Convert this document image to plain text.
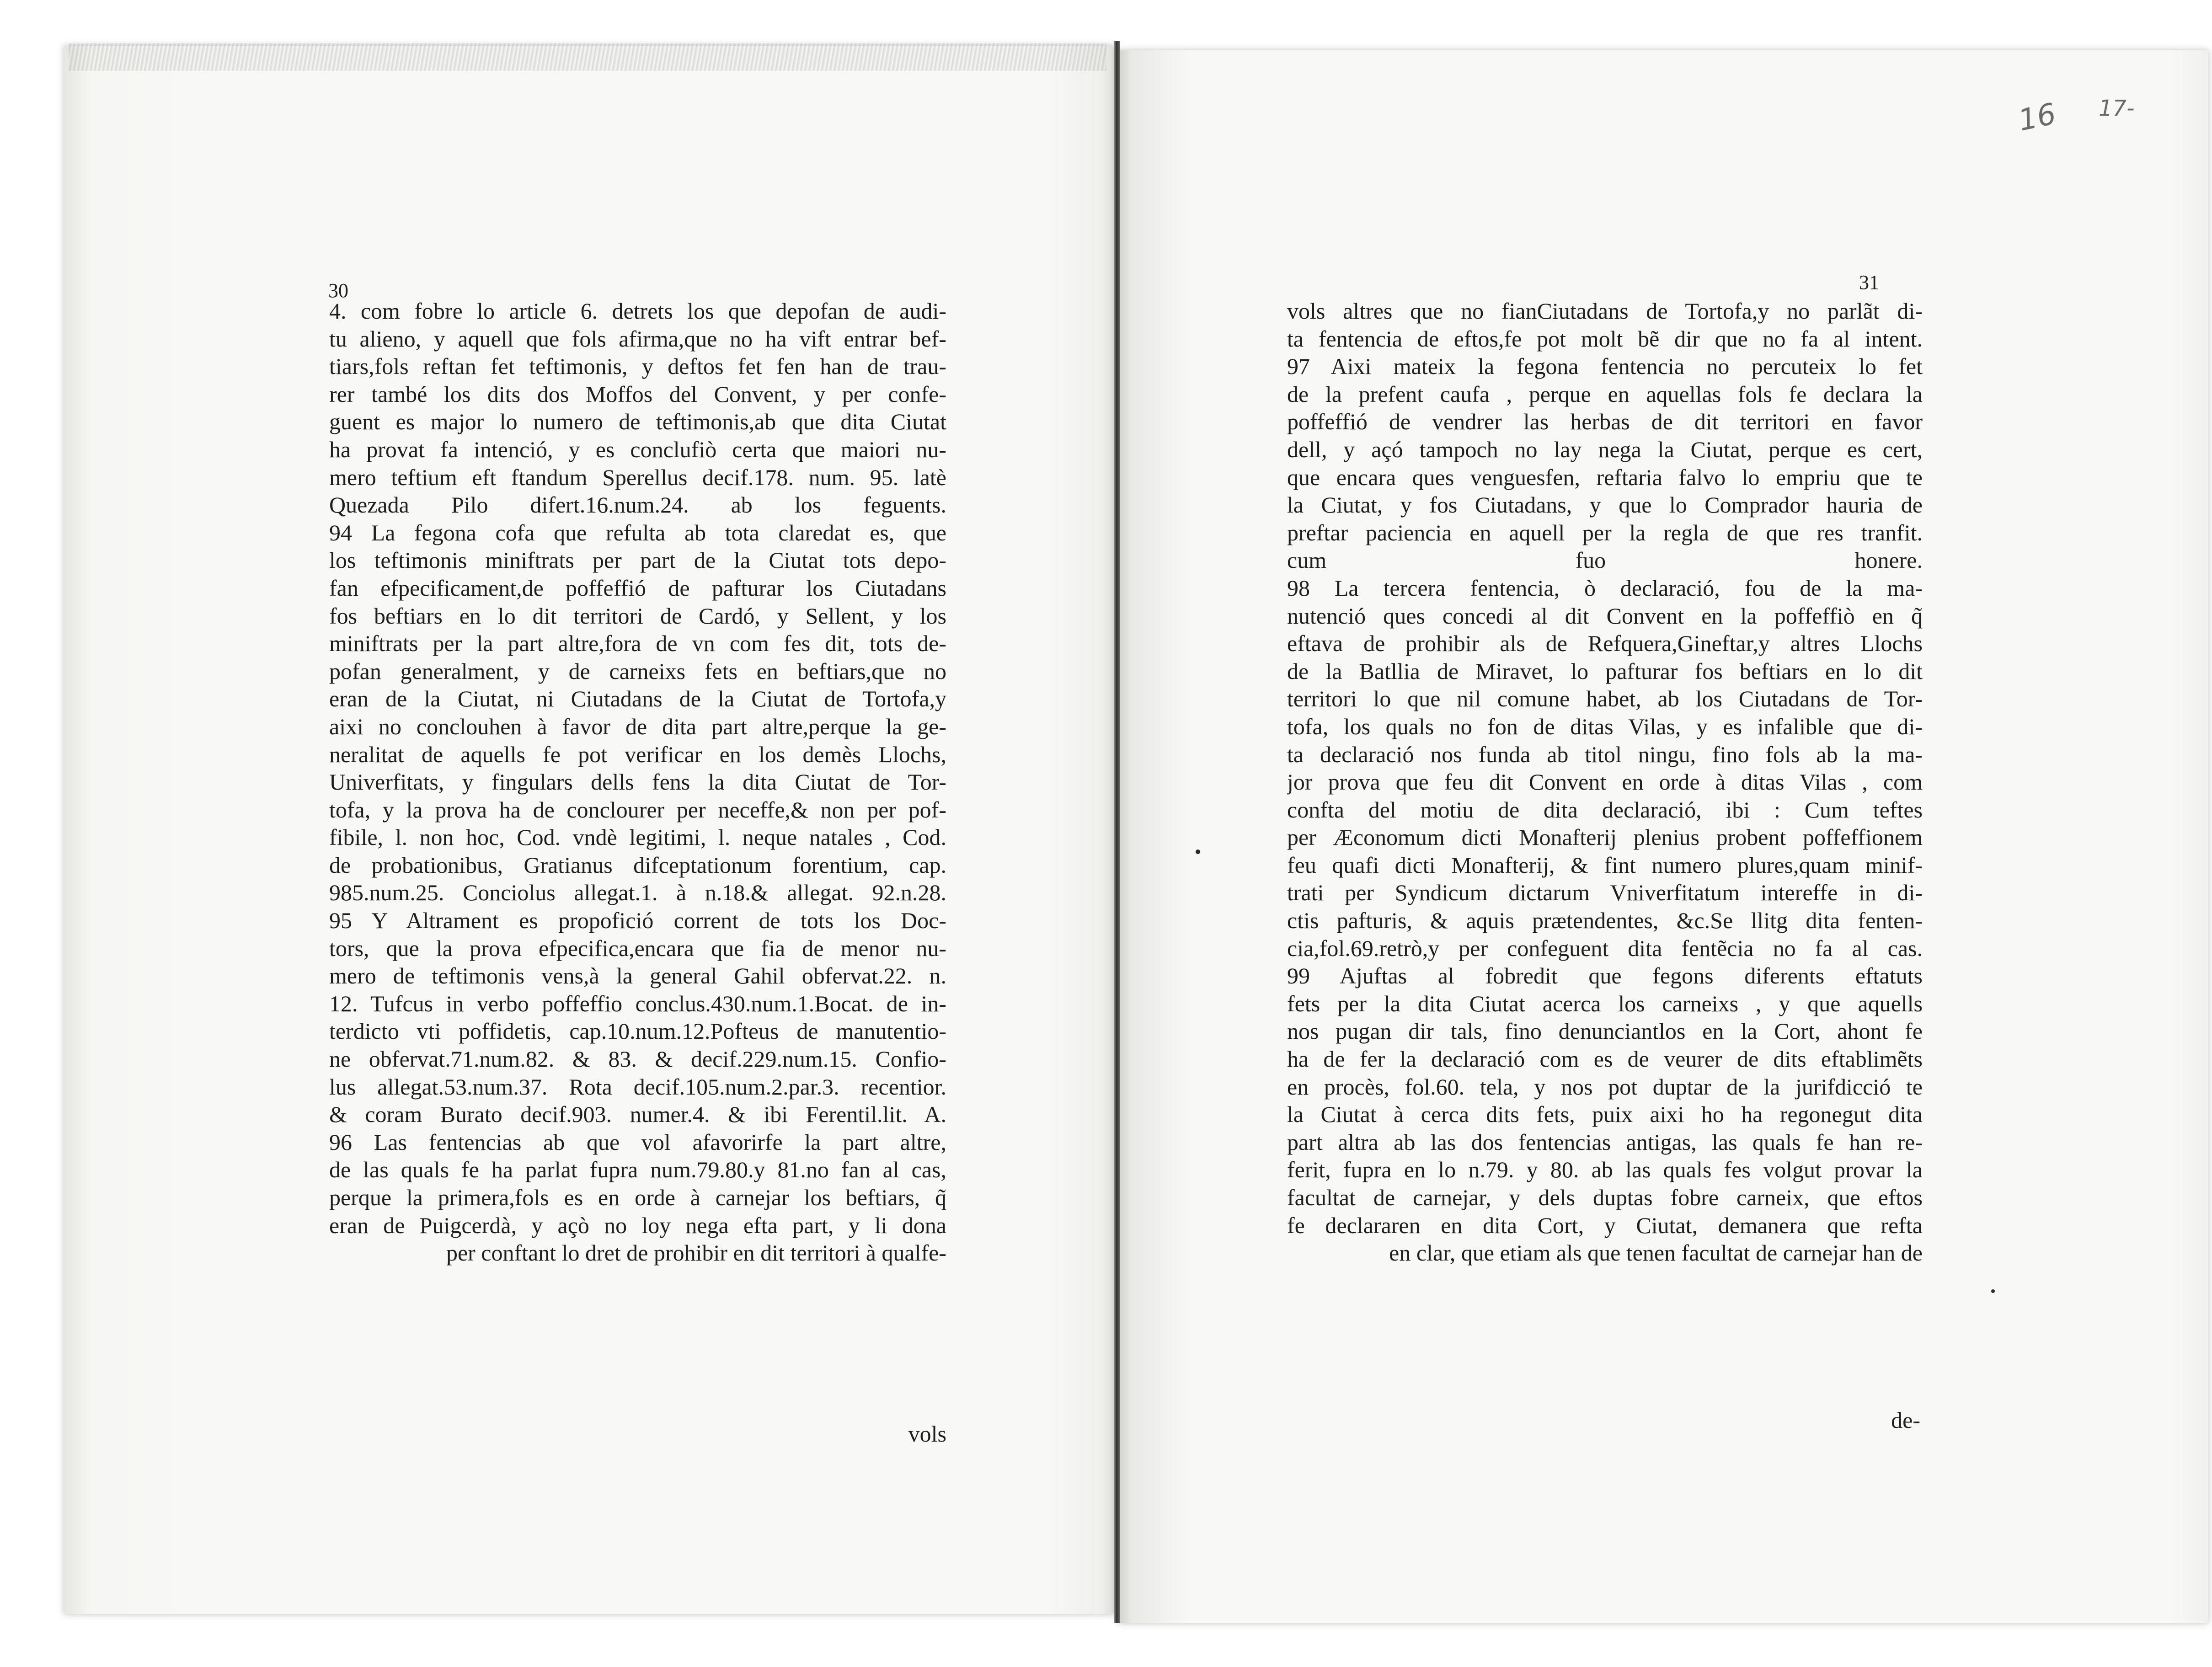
30	31
4. com fobre lo article 6. detrets los que depofan de audi-
tu alieno, y aquell que fols afirma,que no ha vift entrar bef-
tiars,fols reftan fet teftimonis, y deftos fet fen han de trau-
rer també los dits dos Moffos del Convent, y per confe-
guent es major lo numero de teftimonis,ab que dita Ciutat
ha provat fa intenció, y es conclufiò certa que maiori nu-
mero teftium eft ftandum Sperellus decif.178. num. 95. latè
Quezada Pilo difert.16.num.24. ab los feguents.
94 La fegona cofa que refulta ab tota claredat es, que
los teftimonis miniftrats per part de la Ciutat tots depo-
fan efpecificament,de poffeffió de pafturar los Ciutadans
fos beftiars en lo dit territori de Cardó, y Sellent, y los
miniftrats per la part altre,fora de vn com fes dit, tots de-
pofan generalment, y de carneixs fets en beftiars,que no
eran de la Ciutat, ni Ciutadans de la Ciutat de Tortofa,y
aixi no conclouhen à favor de dita part altre,perque la ge-
neralitat de aquells fe pot verificar en los demès Llochs,
Univerfitats, y fingulars dells fens la dita Ciutat de Tor-
tofa, y la prova ha de conclourer per neceffe,& non per pof-
fibile, l. non hoc, Cod. vndè legitimi, l. neque natales , Cod.
de probationibus, Gratianus difceptationum forentium, cap.
985.num.25. Conciolus allegat.1. à n.18.& allegat. 92.n.28.
95 Y Altrament es propofició corrent de tots los Doc-
tors, que la prova efpecifica,encara que fia de menor nu-
mero de teftimonis vens,à la general Gahil obfervat.22. n.
12. Tufcus in verbo poffeffio conclus.430.num.1.Bocat. de in-
terdicto vti poffidetis, cap.10.num.12.Pofteus de manutentio-
ne obfervat.71.num.82. & 83. & decif.229.num.15. Confio-
lus allegat.53.num.37. Rota decif.105.num.2.par.3. recentior.
& coram Burato decif.903. numer.4. & ibi Ferentil.lit. A.
96 Las fentencias ab que vol afavorirfe la part altre,
de las quals fe ha parlat fupra num.79.80.y 81.no fan al cas,
perque la primera,fols es en orde à carnejar los beftiars, q̃
eran de Puigcerdà, y açò no loy nega efta part, y li dona
per conftant lo dret de prohibir en dit territori à qualfe-
vols altres que no fianCiutadans de Tortofa,y no parlãt di-
ta fentencia de eftos,fe pot molt bẽ dir que no fa al intent.
97 Aixi mateix la fegona fentencia no percuteix lo fet
de la prefent caufa , perque en aquellas fols fe declara la
poffeffió de vendrer las herbas de dit territori en favor
dell, y açó tampoch no lay nega la Ciutat, perque es cert,
que encara ques venguesfen, reftaria falvo lo empriu que te
la Ciutat, y fos Ciutadans, y que lo Comprador hauria de
preftar paciencia en aquell per la regla de que res tranfit.
cum fuo honere.
98 La tercera fentencia, ò declaració, fou de la ma-
nutenció ques concedi al dit Convent en la poffeffiò en q̃
eftava de prohibir als de Refquera,Gineftar,y altres Llochs
de la Batllia de Miravet, lo pafturar fos beftiars en lo dit
territori lo que nil comune habet, ab los Ciutadans de Tor-
tofa, los quals no fon de ditas Vilas, y es infalible que di-
ta declaració nos funda ab titol ningu, fino fols ab la ma-
jor prova que feu dit Convent en orde à ditas Vilas , com
confta del motiu de dita declaració, ibi : Cum teftes
per Æconomum dicti Monafterij plenius probent poffeffionem
feu quafi dicti Monafterij, & fint numero plures,quam minif-
trati per Syndicum dictarum Vniverfitatum intereffe in di-
ctis pafturis, & aquis prætendentes, &c.Se llitg dita fenten-
cia,fol.69.retrò,y per confeguent dita fentẽcia no fa al cas.
99 Ajuftas al fobredit que fegons diferents eftatuts
fets per la dita Ciutat acerca los carneixs , y que aquells
nos pugan dir tals, fino denunciantlos en la Cort, ahont fe
ha de fer la declaració com es de veurer de dits eftablimẽts
en procès, fol.60. tela, y nos pot duptar de la jurifdicció te
la Ciutat à cerca dits fets, puix aixi ho ha regonegut dita
part altra ab las dos fentencias antigas, las quals fe han re-
ferit, fupra en lo n.79. y 80. ab las quals fes volgut provar la
facultat de carnejar, y dels duptas fobre carneix, que eftos
fe declararen en dita Cort, y Ciutat, demanera que refta
en clar, que etiam als que tenen facultat de carnejar han de
vols
de-
16 17-
